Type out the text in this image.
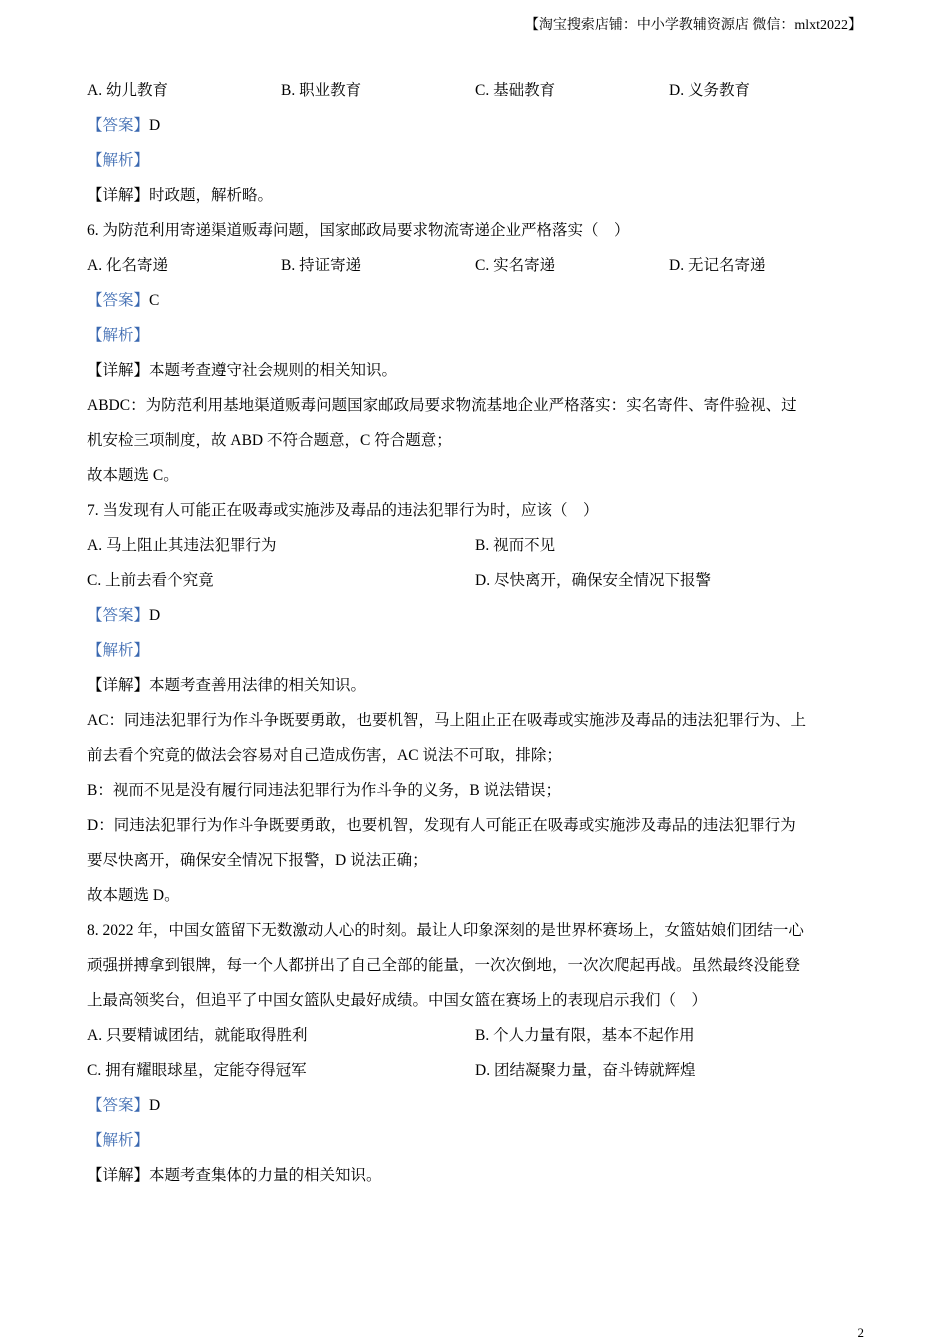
【淘宝搜索店铺：中小学教辅资源店 微信：mlxt2022】
A. 幼儿教育	B. 职业教育	C. 基础教育	D. 义务教育
【答案】D
【解析】
【详解】时政题，解析略。
6. 为防范利用寄递渠道贩毒问题，国家邮政局要求物流寄递企业严格落实（　）
A. 化名寄递	B. 持证寄递	C. 实名寄递	D. 无记名寄递
【答案】C
【解析】
【详解】本题考查遵守社会规则的相关知识。
ABDC：为防范利用基地渠道贩毒问题国家邮政局要求物流基地企业严格落实：实名寄件、寄件验视、过
机安检三项制度，故 ABD 不符合题意，C 符合题意；
故本题选 C。
7. 当发现有人可能正在吸毒或实施涉及毒品的违法犯罪行为时，应该（　）
A. 马上阻止其违法犯罪行为	B. 视而不见
C. 上前去看个究竟	D. 尽快离开，确保安全情况下报警
【答案】D
【解析】
【详解】本题考查善用法律的相关知识。
AC：同违法犯罪行为作斗争既要勇敢，也要机智，马上阻止正在吸毒或实施涉及毒品的违法犯罪行为、上
前去看个究竟的做法会容易对自己造成伤害，AC 说法不可取，排除；
B：视而不见是没有履行同违法犯罪行为作斗争的义务，B 说法错误；
D：同违法犯罪行为作斗争既要勇敢，也要机智，发现有人可能正在吸毒或实施涉及毒品的违法犯罪行为
要尽快离开，确保安全情况下报警，D 说法正确；
故本题选 D。
8. 2022 年，中国女篮留下无数激动人心的时刻。最让人印象深刻的是世界杯赛场上，女篮姑娘们团结一心
顽强拼搏拿到银牌，每一个人都拼出了自己全部的能量，一次次倒地，一次次爬起再战。虽然最终没能登
上最高领奖台，但追平了中国女篮队史最好成绩。中国女篮在赛场上的表现启示我们（　）
A. 只要精诚团结，就能取得胜利	B. 个人力量有限，基本不起作用
C. 拥有耀眼球星，定能夺得冠军	D. 团结凝聚力量，奋斗铸就辉煌
【答案】D
【解析】
【详解】本题考查集体的力量的相关知识。
2
